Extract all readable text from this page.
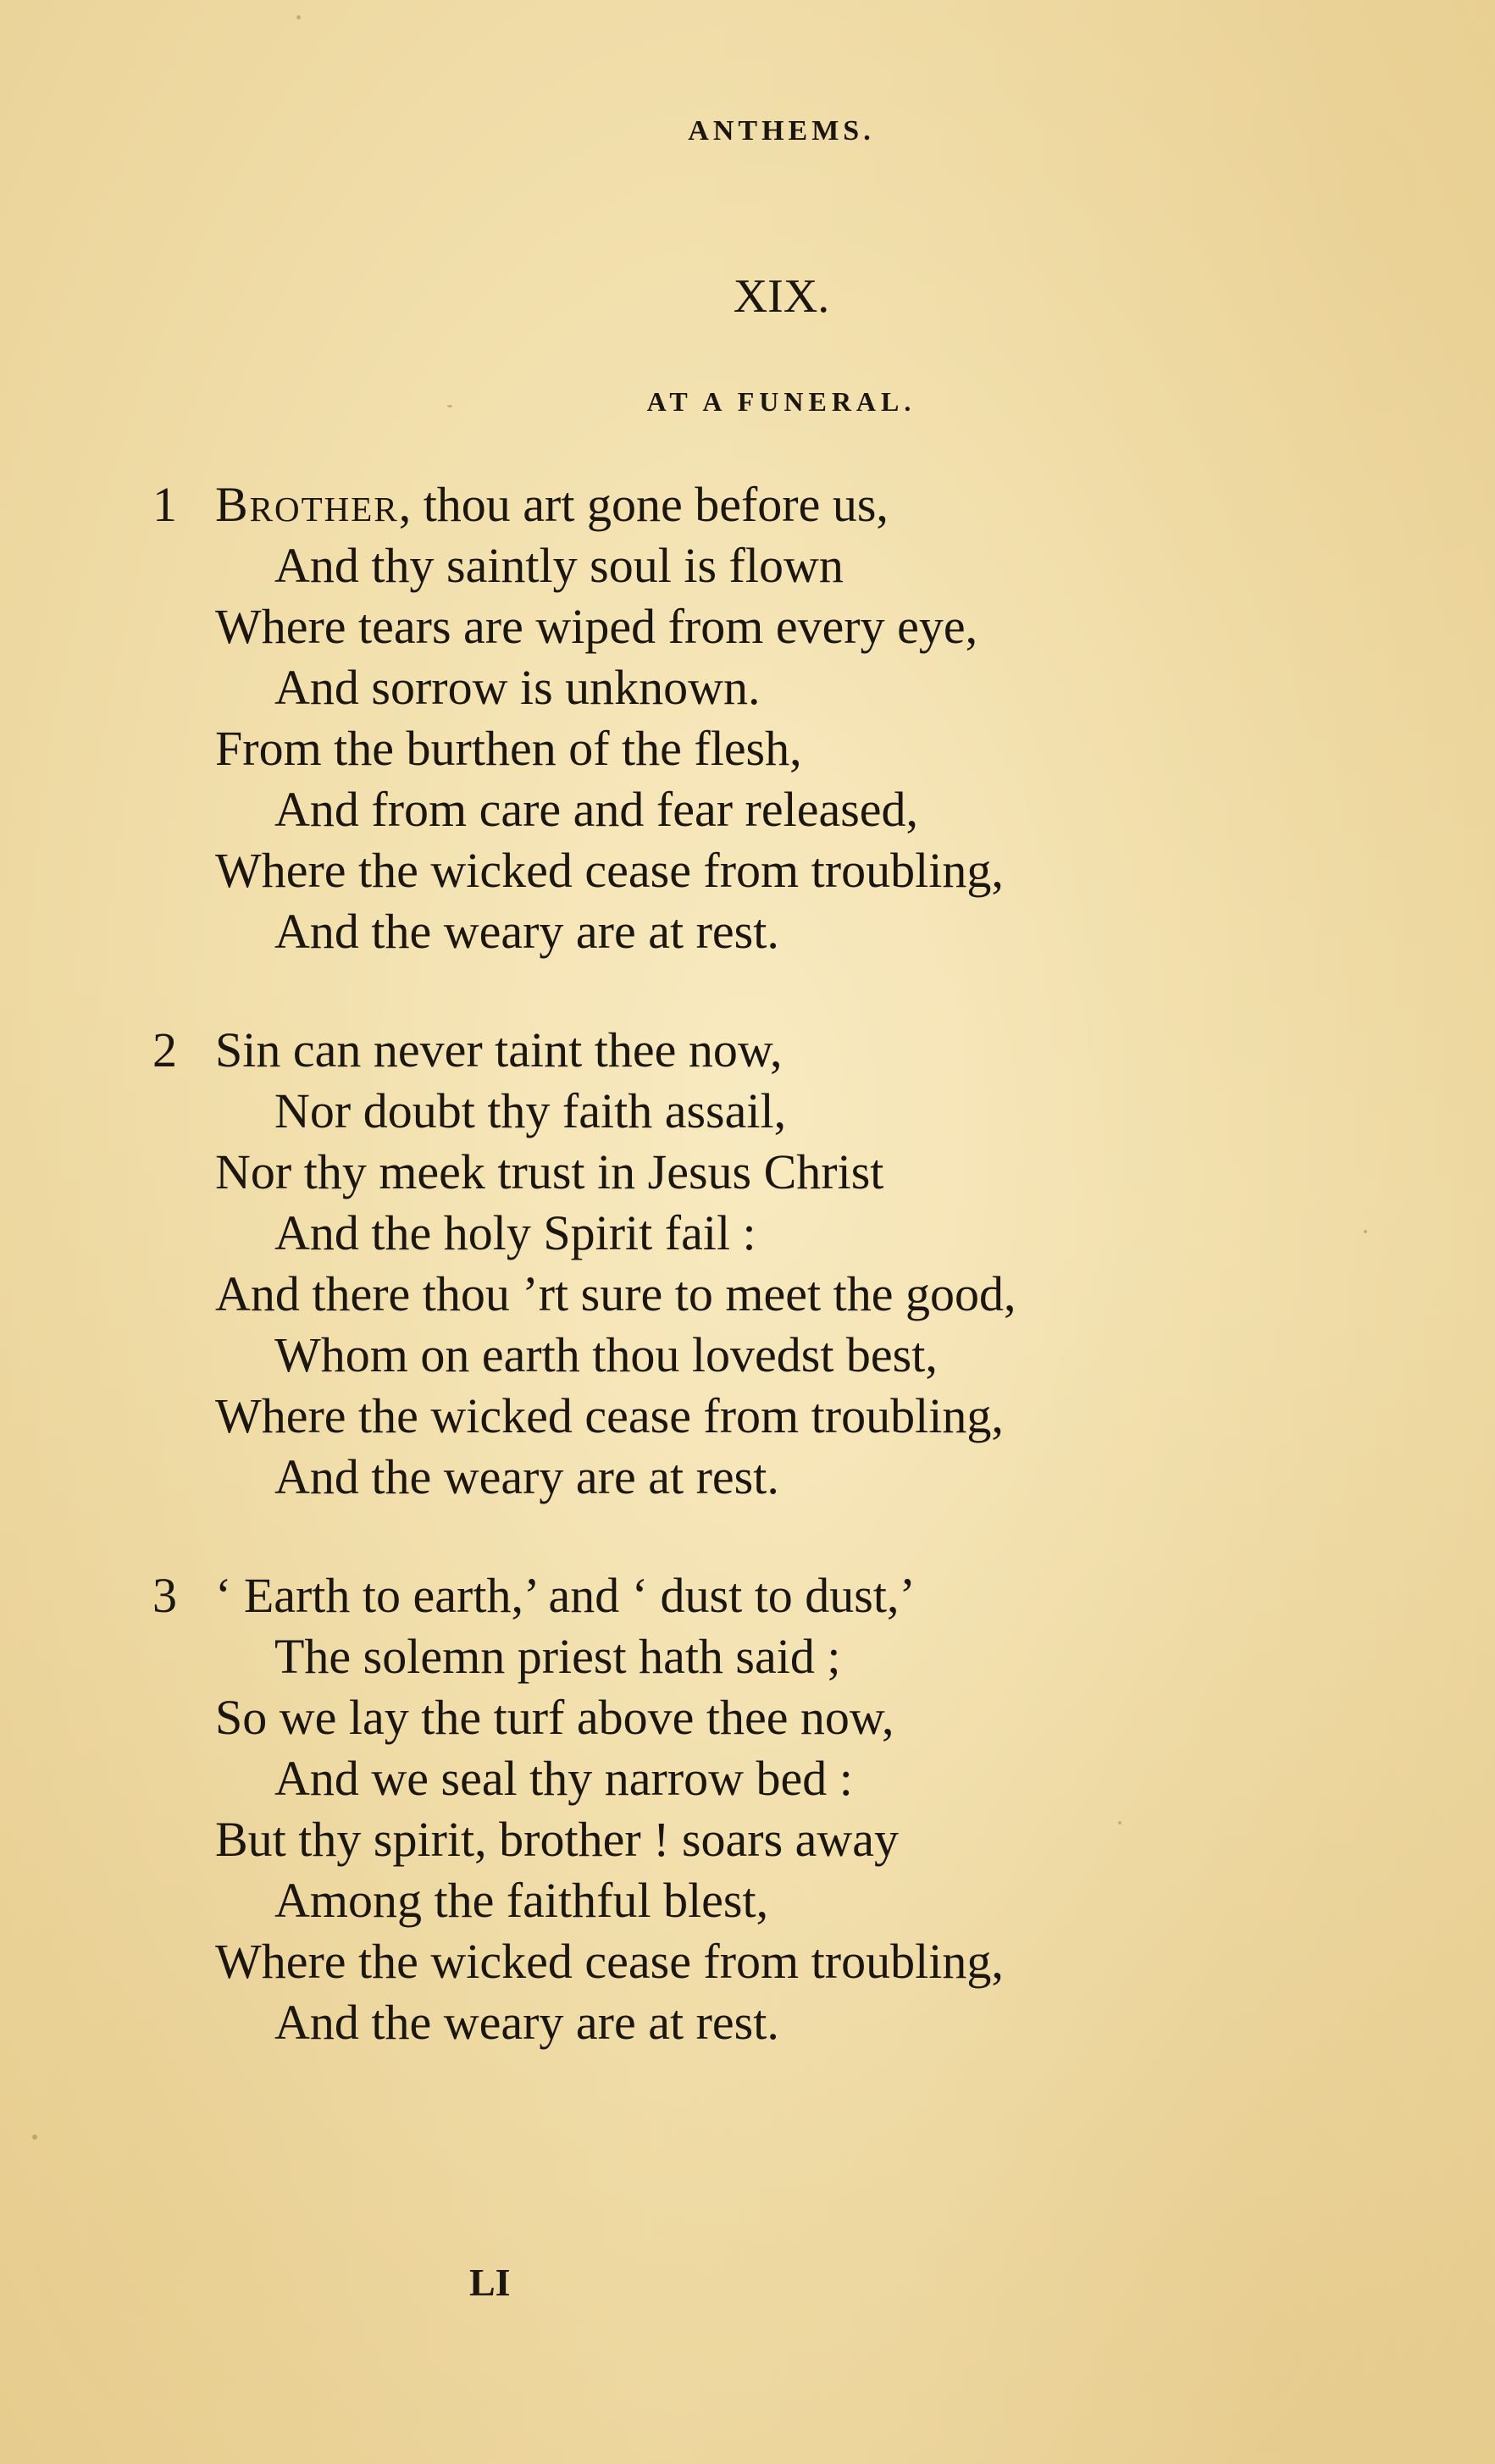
ANTHEMS.
XIX.
AT A FUNERAL.
1 Brother, thou art gone before us,
And thy saintly soul is flown
Where tears are wiped from every eye,
And sorrow is unknown.
From the burthen of the flesh,
And from care and fear released,
Where the wicked cease from troubling,
And the weary are at rest.
2 Sin can never taint thee now,
Nor doubt thy faith assail,
Nor thy meek trust in Jesus Christ
And the holy Spirit fail :
And there thou ’rt sure to meet the good,
Whom on earth thou lovedst best,
Where the wicked cease from troubling,
And the weary are at rest.
3 ‘ Earth to earth,’ and ‘ dust to dust,’
The solemn priest hath said ;
So we lay the turf above thee now,
And we seal thy narrow bed :
But thy spirit, brother ! soars away
Among the faithful blest,
Where the wicked cease from troubling,
And the weary are at rest.
LI
